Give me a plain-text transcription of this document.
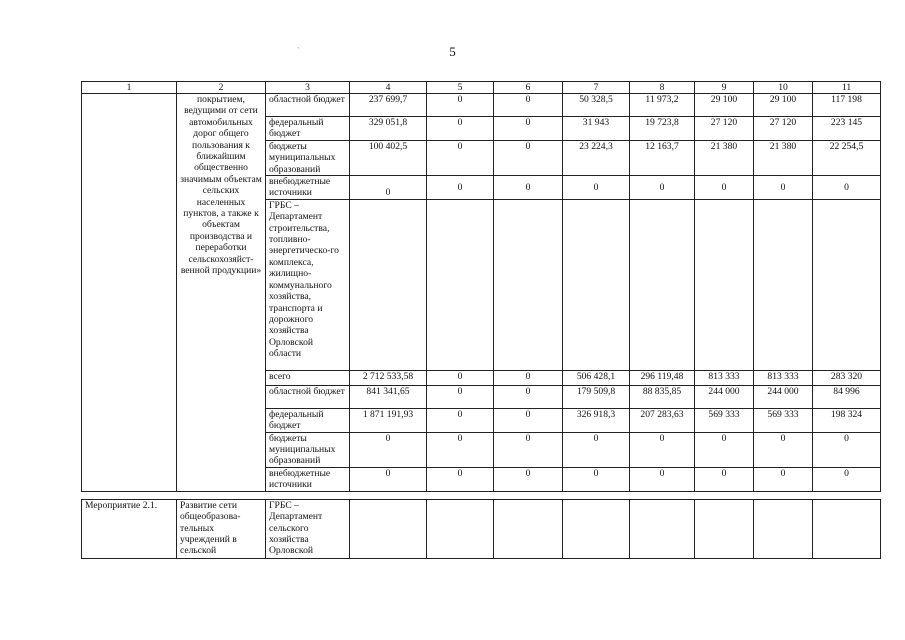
`	5
1	2	3	4	5	6	7	8	9	10	11
	покрытием, ведущими от сети автомобильных дорог общего пользования к ближайшим общественно значимым объектам сельских населенных пунктов, а также к объектам производства и переработки сельскохозяйст-венной продукции»	областной бюджет	237 699,7	0	0	50 328,5	11 973,2	29 100	29 100	117 198
		федеральный бюджет	329 051,8	0	0	31 943	19 723,8	27 120	27 120	223 145
		бюджеты муниципальных образований	100 402,5	0	0	23 224,3	12 163,7	21 380	21 380	22 254,5
		внебюджетные источники	0	0	0	0	0	0	0	0
		ГРБС – Департамент строительства, топливно-энергетическо-го комплекса, жилищно-коммунального хозяйства, транспорта и дорожного хозяйства Орловской области								
		всего	2 712 533,58	0	0	506 428,1	296 119,48	813 333	813 333	283 320
		областной бюджет	841 341,65	0	0	179 509,8	88 835,85	244 000	244 000	84 996
		федеральный бюджет	1 871 191,93	0	0	326 918,3	207 283,63	569 333	569 333	198 324
		бюджеты муниципальных образований	0	0	0	0	0	0	0	0
		внебюджетные источники	0	0	0	0	0	0	0	0

Мероприятие 2.1.	Развитие сети общеобразова-тельных учреждений в сельской	ГРБС – Департамент сельского хозяйства Орловской								
